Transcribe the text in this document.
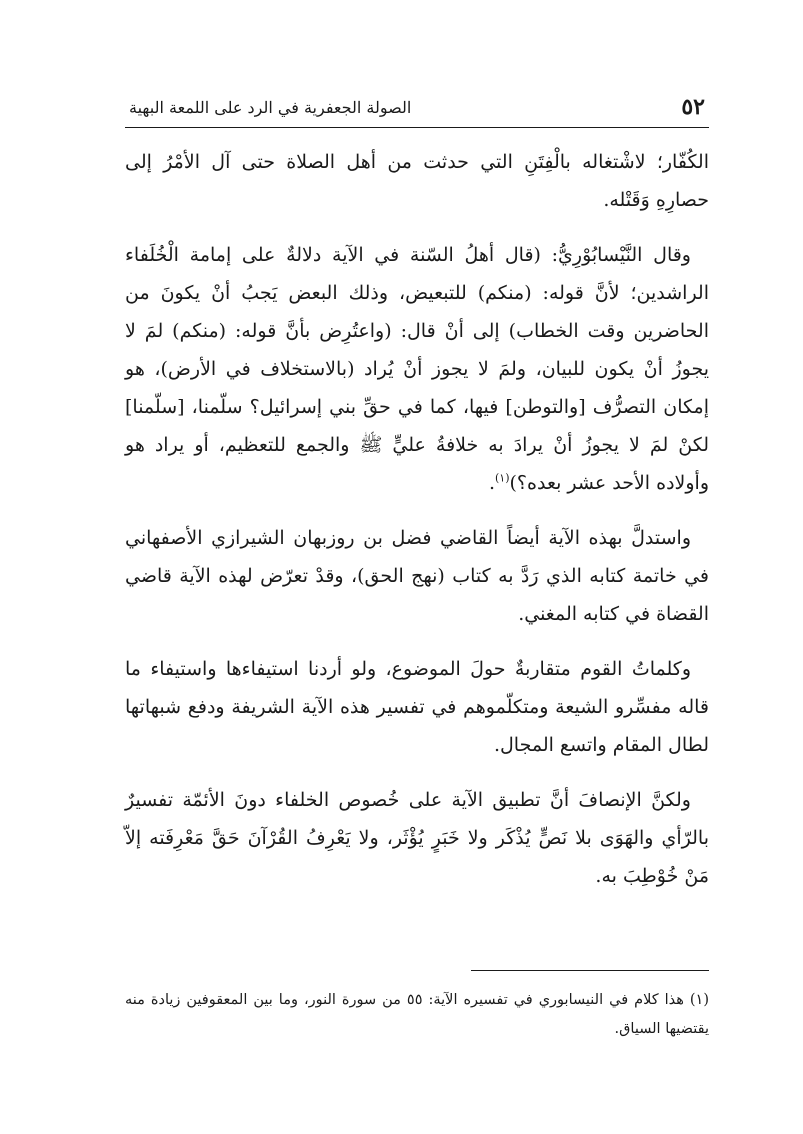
الصولة الجعفرية في الرد على اللمعة البهية	٥٢

الكُفّار؛ لاشْتغاله بالْفِتَنِ التي حدثت من أهل الصلاة حتى آل الأمْرُ إلى حصارِهِ وَقَتْله.

وقال النَّيْسابُوْرِيُّ: (قال أهلُ السّنة في الآية دلالةٌ على إمامة الْخُلَفاء الراشدين؛ لأنَّ قوله: (منكم) للتبعيض، وذلك البعض يَجبُ أنْ يكونَ من الحاضرين وقت الخطاب) إلى أنْ قال: (واعتُرِض بأنَّ قوله: (منكم) لمَ لا يجوزُ أنْ يكون للبيان، ولمَ لا يجوز أنْ يُراد (بالاستخلاف في الأرض)، هو إمكان التصرُّف [والتوطن] فيها، كما في حقِّ بني إسرائيل؟ سلّمنا، [سلّمنا] لكنْ لمَ لا يجوزُ أنْ يرادَ به خلافةُ عليٍّ ﷺ والجمع للتعظيم، أو يراد هو وأولاده الأحد عشر بعده؟)$^{(١)}$.

واستدلَّ بهذه الآية أيضاً القاضي فضل بن روزبهان الشيرازي الأصفهاني في خاتمة كتابه الذي رَدَّ به كتاب (نهج الحق)، وقدْ تعرّض لهذه الآية قاضي القضاة في كتابه المغني.

وكلماتُ القوم متقاربةٌ حولَ الموضوع، ولو أردنا استيفاءها واستيفاء ما قاله مفسِّرو الشيعة ومتكلّموهم في تفسير هذه الآية الشريفة ودفع شبهاتها لطال المقام واتسع المجال.

ولكنَّ الإنصافَ أنَّ تطبيق الآية على خُصوص الخلفاء دونَ الأئمّة تفسيرٌ بالرّأي والهَوَى بلا نَصٍّ يُذْكَر ولا خَبَرٍ يُؤْثَر، ولا يَعْرِفُ القُرْآنَ حَقَّ مَعْرِفَته إلاّ مَنْ خُوْطِبَ به.

(١) هذا كلام في النيسابوري في تفسيره الآية: ٥٥ من سورة النور، وما بين المعقوفين زيادة منه يقتضيها السياق.
